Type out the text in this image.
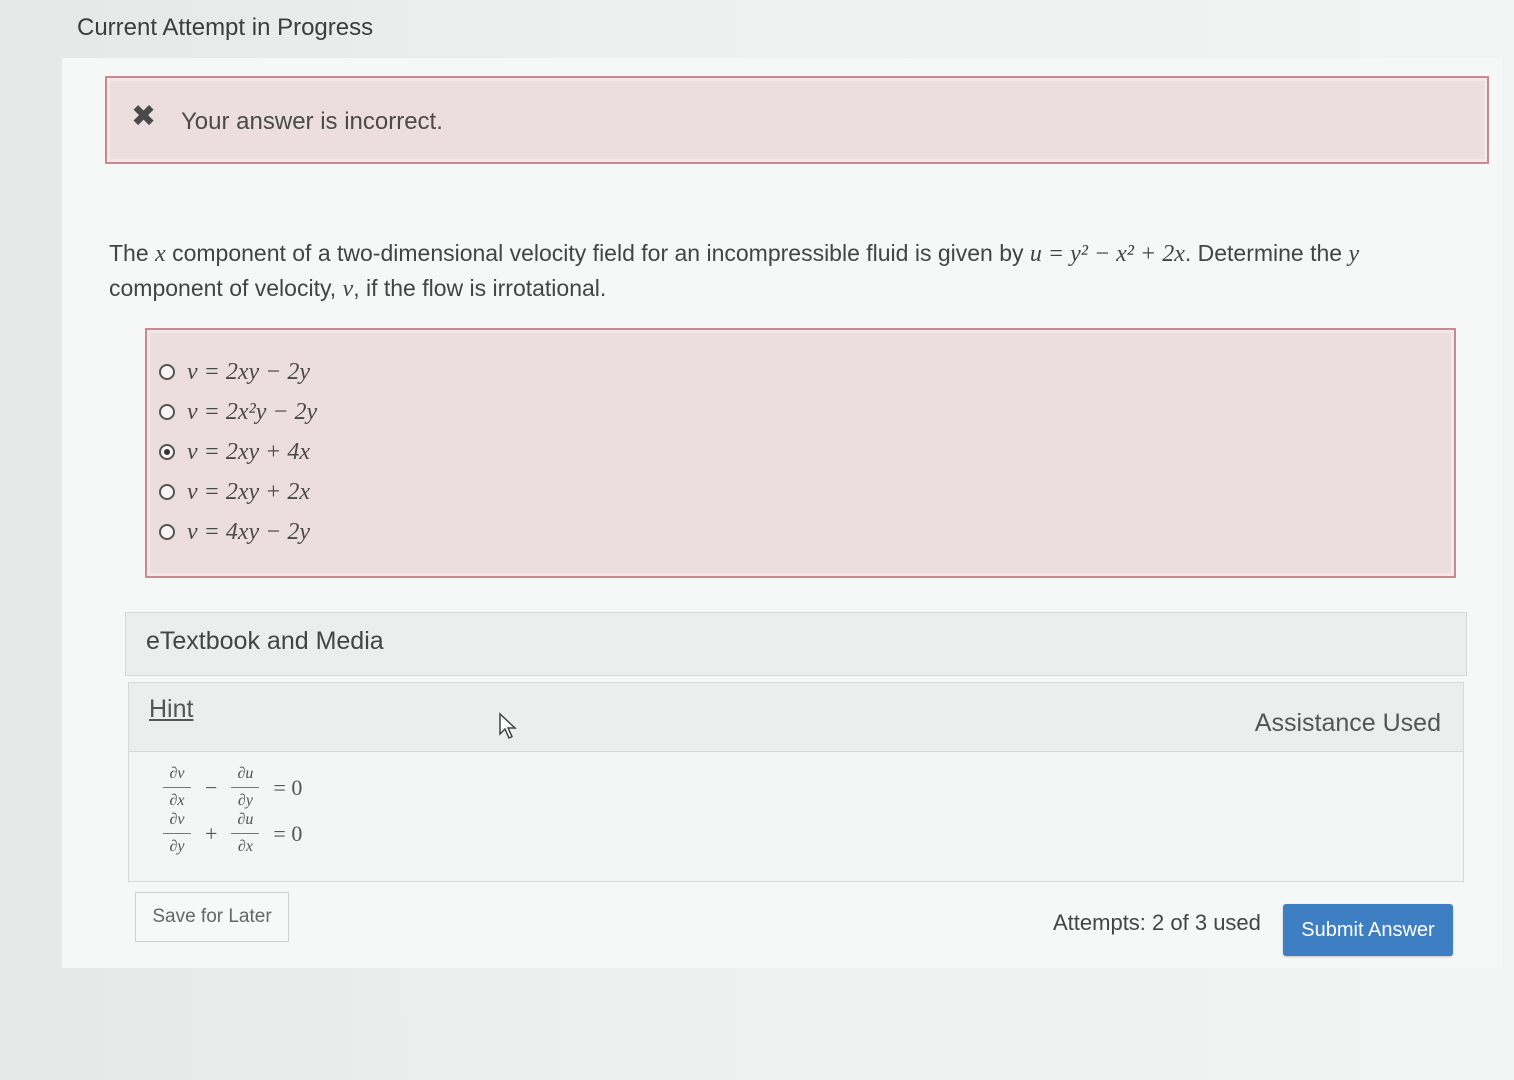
Current Attempt in Progress
✖ Your answer is incorrect.
The x component of a two-dimensional velocity field for an incompressible fluid is given by u = y² − x² + 2x. Determine the y component of velocity, v, if the flow is irrotational.
v = 2xy − 2y
v = 2x²y − 2y
v = 2xy + 4x
v = 2xy + 2x
v = 4xy − 2y
eTextbook and Media
Hint	Assistance Used
$\frac{\partial v}{\partial x} - \frac{\partial u}{\partial y} = 0$
$\frac{\partial v}{\partial y} + \frac{\partial u}{\partial x} = 0$
Save for Later	Attempts: 2 of 3 used	Submit Answer
